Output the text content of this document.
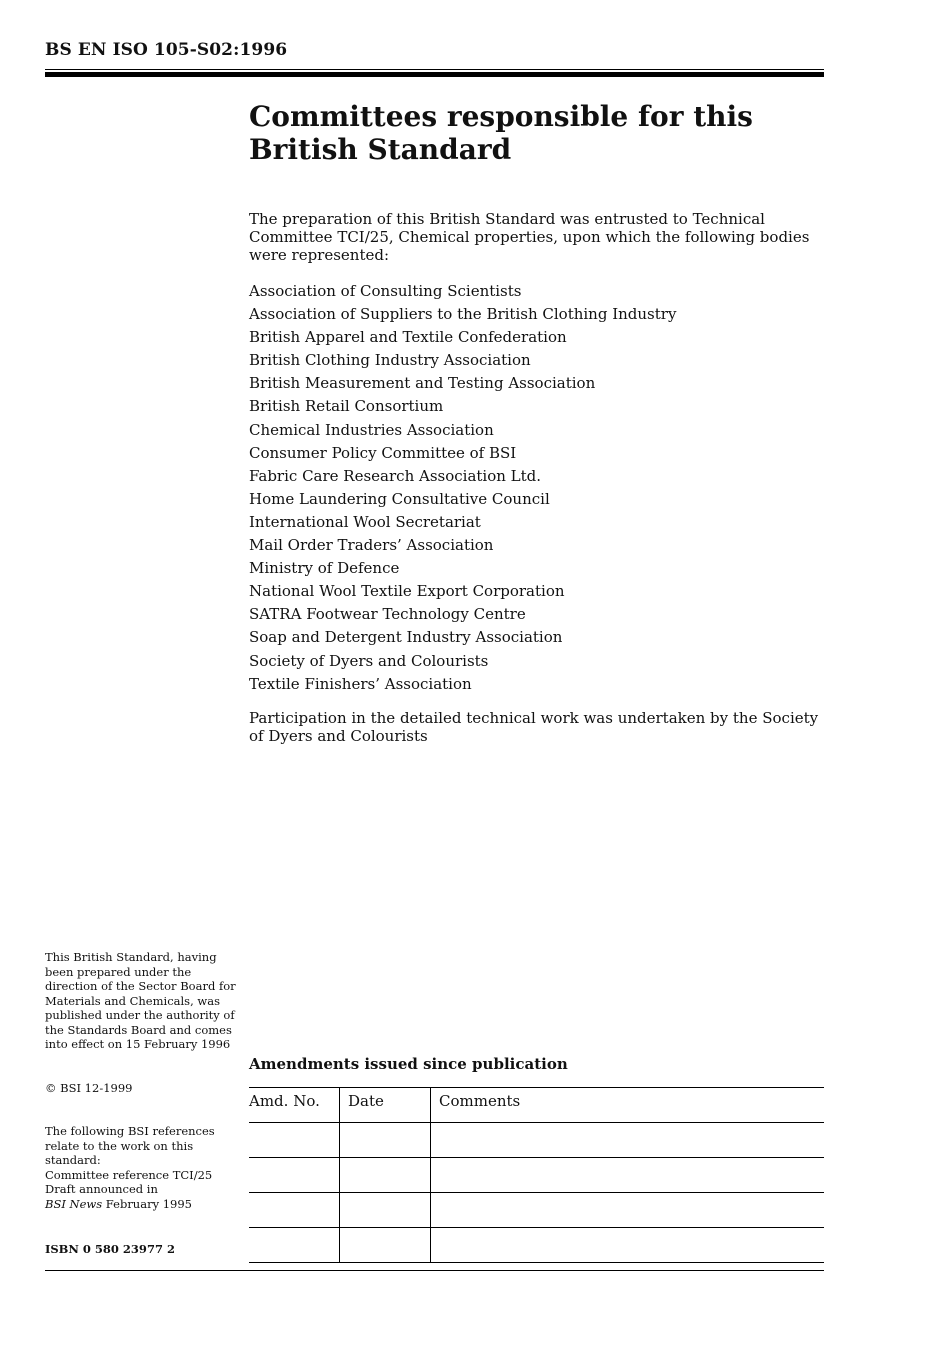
BS EN ISO 105-S02:1996
Committees responsible for this
British Standard

The preparation of this British Standard was entrusted to Technical Committee TCI/25, Chemical properties, upon which the following bodies were represented:

Association of Consulting Scientists
Association of Suppliers to the British Clothing Industry
British Apparel and Textile Confederation
British Clothing Industry Association
British Measurement and Testing Association
British Retail Consortium
Chemical Industries Association
Consumer Policy Committee of BSI
Fabric Care Research Association Ltd.
Home Laundering Consultative Council
International Wool Secretariat
Mail Order Traders’ Association
Ministry of Defence
National Wool Textile Export Corporation
SATRA Footwear Technology Centre
Soap and Detergent Industry Association
Society of Dyers and Colourists
Textile Finishers’ Association

Participation in the detailed technical work was undertaken by the Society of Dyers and Colourists

This British Standard, having been prepared under the direction of the Sector Board for Materials and Chemicals, was published under the authority of the Standards Board and comes into effect on 15 February 1996

© BSI 12-1999

The following BSI references relate to the work on this standard:
Committee reference TCI/25
Draft announced in
BSI News February 1995

ISBN 0 580 23977 2

Amendments issued since publication
Amd. No.	Date	Comments
